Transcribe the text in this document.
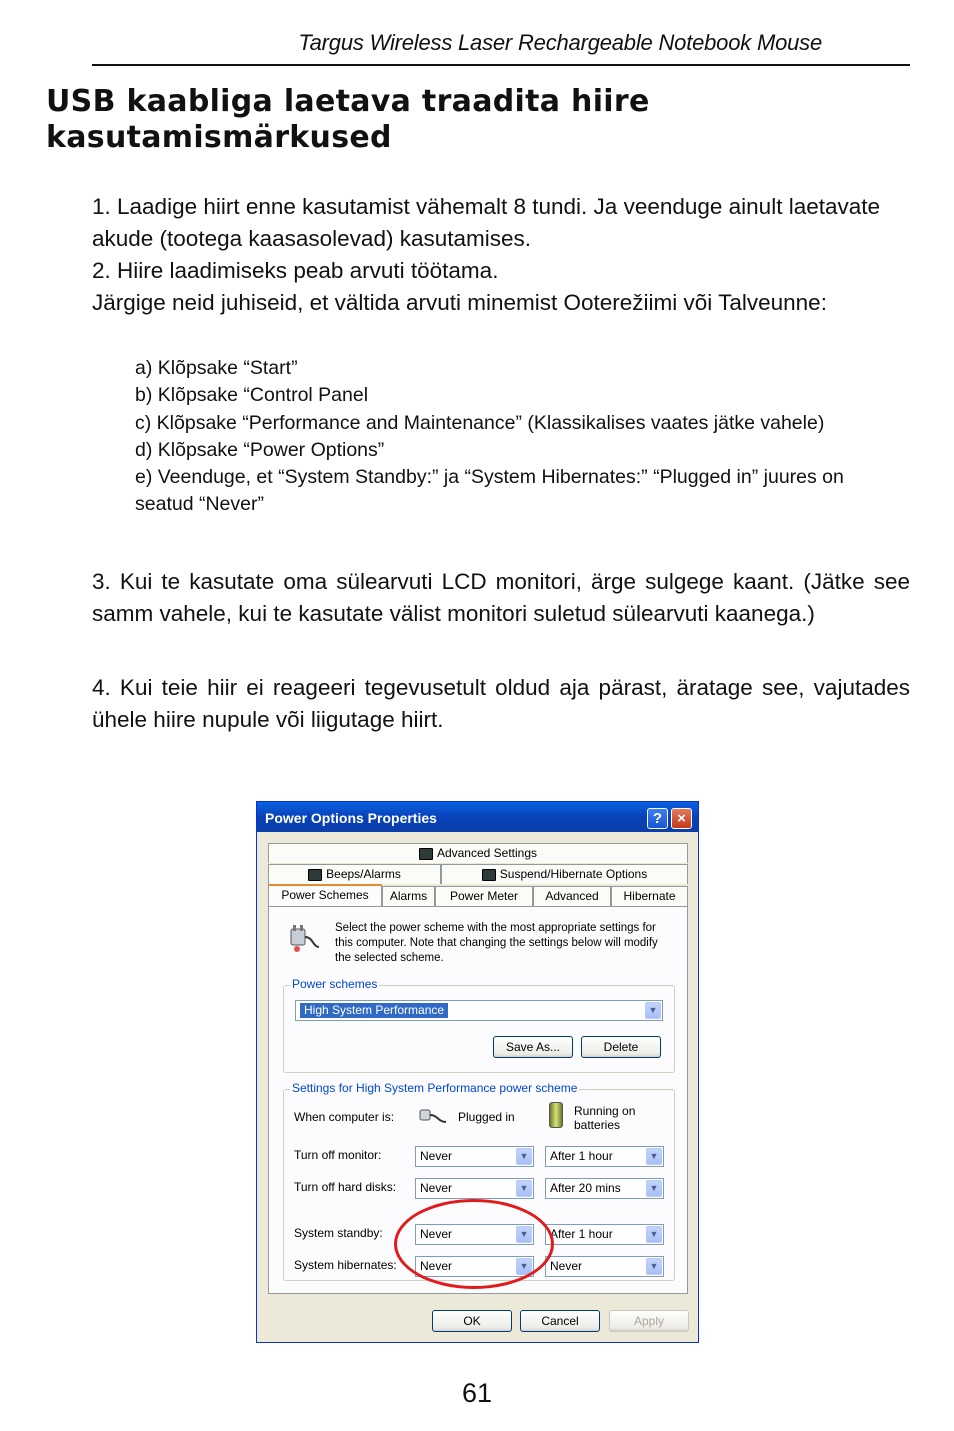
Targus Wireless Laser Rechargeable Notebook Mouse
USB kaabliga laetava traadita hiire kasutamismärkused
1. Laadige hiirt enne kasutamist vähemalt 8 tundi. Ja veenduge ainult laetavate akude (tootega kaasasolevad) kasutamises.
2. Hiire laadimiseks peab arvuti töötama.
Järgige neid juhiseid, et vältida arvuti minemist Ooterežiimi või Talveunne:
a) Klõpsake “Start”
b) Klõpsake “Control Panel
c) Klõpsake “Performance and Maintenance” (Klassikalises vaates jätke vahele)
d) Klõpsake “Power Options”
e) Veenduge, et “System Standby:” ja “System Hibernates:” “Plugged in” juures on seatud “Never”
3. Kui te kasutate oma sülearvuti LCD monitori, ärge sulgege kaant. (Jätke see samm vahele, kui te kasutate välist monitori suletud sülearvuti kaanega.)
4. Kui teie hiir ei reageeri tegevusetult oldud aja pärast, äratage see, vajutades ühele hiire nupule või liigutage hiirt.
Power Options Properties	?	×
Advanced Settings
Beeps/Alarms	Suspend/Hibernate Options
Power Schemes	Alarms	Power Meter	Advanced	Hibernate
Select the power scheme with the most appropriate settings for this computer. Note that changing the settings below will modify the selected scheme.
Power schemes
High System Performance	▼
Save As...	Delete
Settings for High System Performance power scheme
When computer is:	Plugged in	Running on
batteries
Turn off monitor:	Never	▼	After 1 hour	▼
Turn off hard disks:	Never	▼	After 20 mins	▼
System standby:	Never	▼	After 1 hour	▼
System hibernates:	Never	▼	Never	▼
OK	Cancel	Apply
61
